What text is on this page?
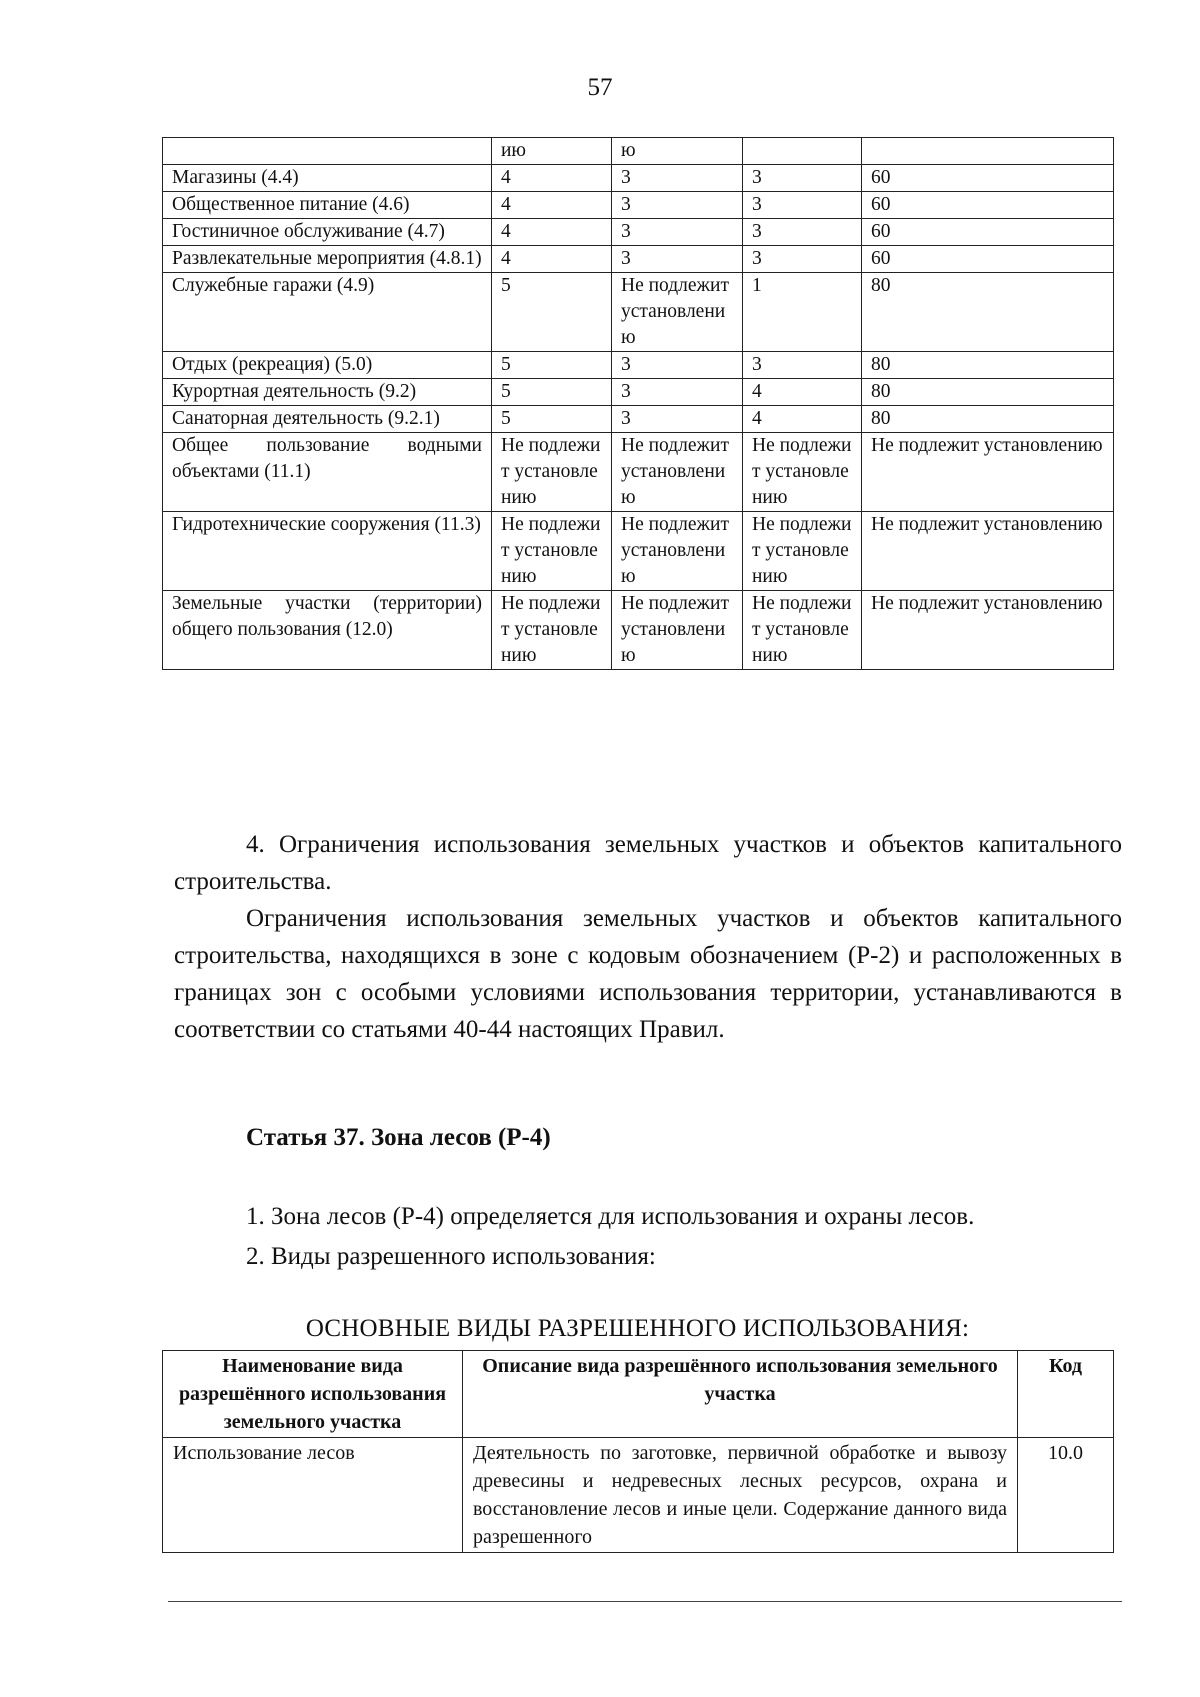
57
	ию	ю		
Магазины (4.4)	4	3	3	60
Общественное питание (4.6)	4	3	3	60
Гостиничное обслуживание (4.7)	4	3	3	60
Развлекательные мероприятия (4.8.1)	4	3	3	60
Служебные гаражи (4.9)	5	Не подлежит установлению	1	80
Отдых (рекреация) (5.0)	5	3	3	80
Курортная деятельность (9.2)	5	3	4	80
Санаторная деятельность (9.2.1)	5	3	4	80
Общее пользование водными объектами (11.1)	Не подлежит установлению	Не подлежит установлению	Не подлежит установлению	Не подлежит установлению
Гидротехнические сооружения (11.3)	Не подлежит установлению	Не подлежит установлению	Не подлежит установлению	Не подлежит установлению
Земельные участки (территории) общего пользования (12.0)	Не подлежит установлению	Не подлежит установлению	Не подлежит установлению	Не подлежит установлению
4. Ограничения использования земельных участков и объектов капитального строительства.
Ограничения использования земельных участков и объектов капитального строительства, находящихся в зоне с кодовым обозначением (Р-2) и расположенных в границах зон с особыми условиями использования территории, устанавливаются в соответствии со статьями 40-44 настоящих Правил.
Статья 37. Зона лесов (Р-4)
1. Зона лесов (Р-4) определяется для использования и охраны лесов.
2. Виды разрешенного использования:
ОСНОВНЫЕ ВИДЫ РАЗРЕШЕННОГО ИСПОЛЬЗОВАНИЯ:
Наименование вида разрешённого использования земельного участка	Описание вида разрешённого использования земельного участка	Код
Использование лесов	Деятельность по заготовке, первичной обработке и вывозу древесины и недревесных лесных ресурсов, охрана и восстановление лесов и иные цели. Содержание данного вида разрешенного	10.0
